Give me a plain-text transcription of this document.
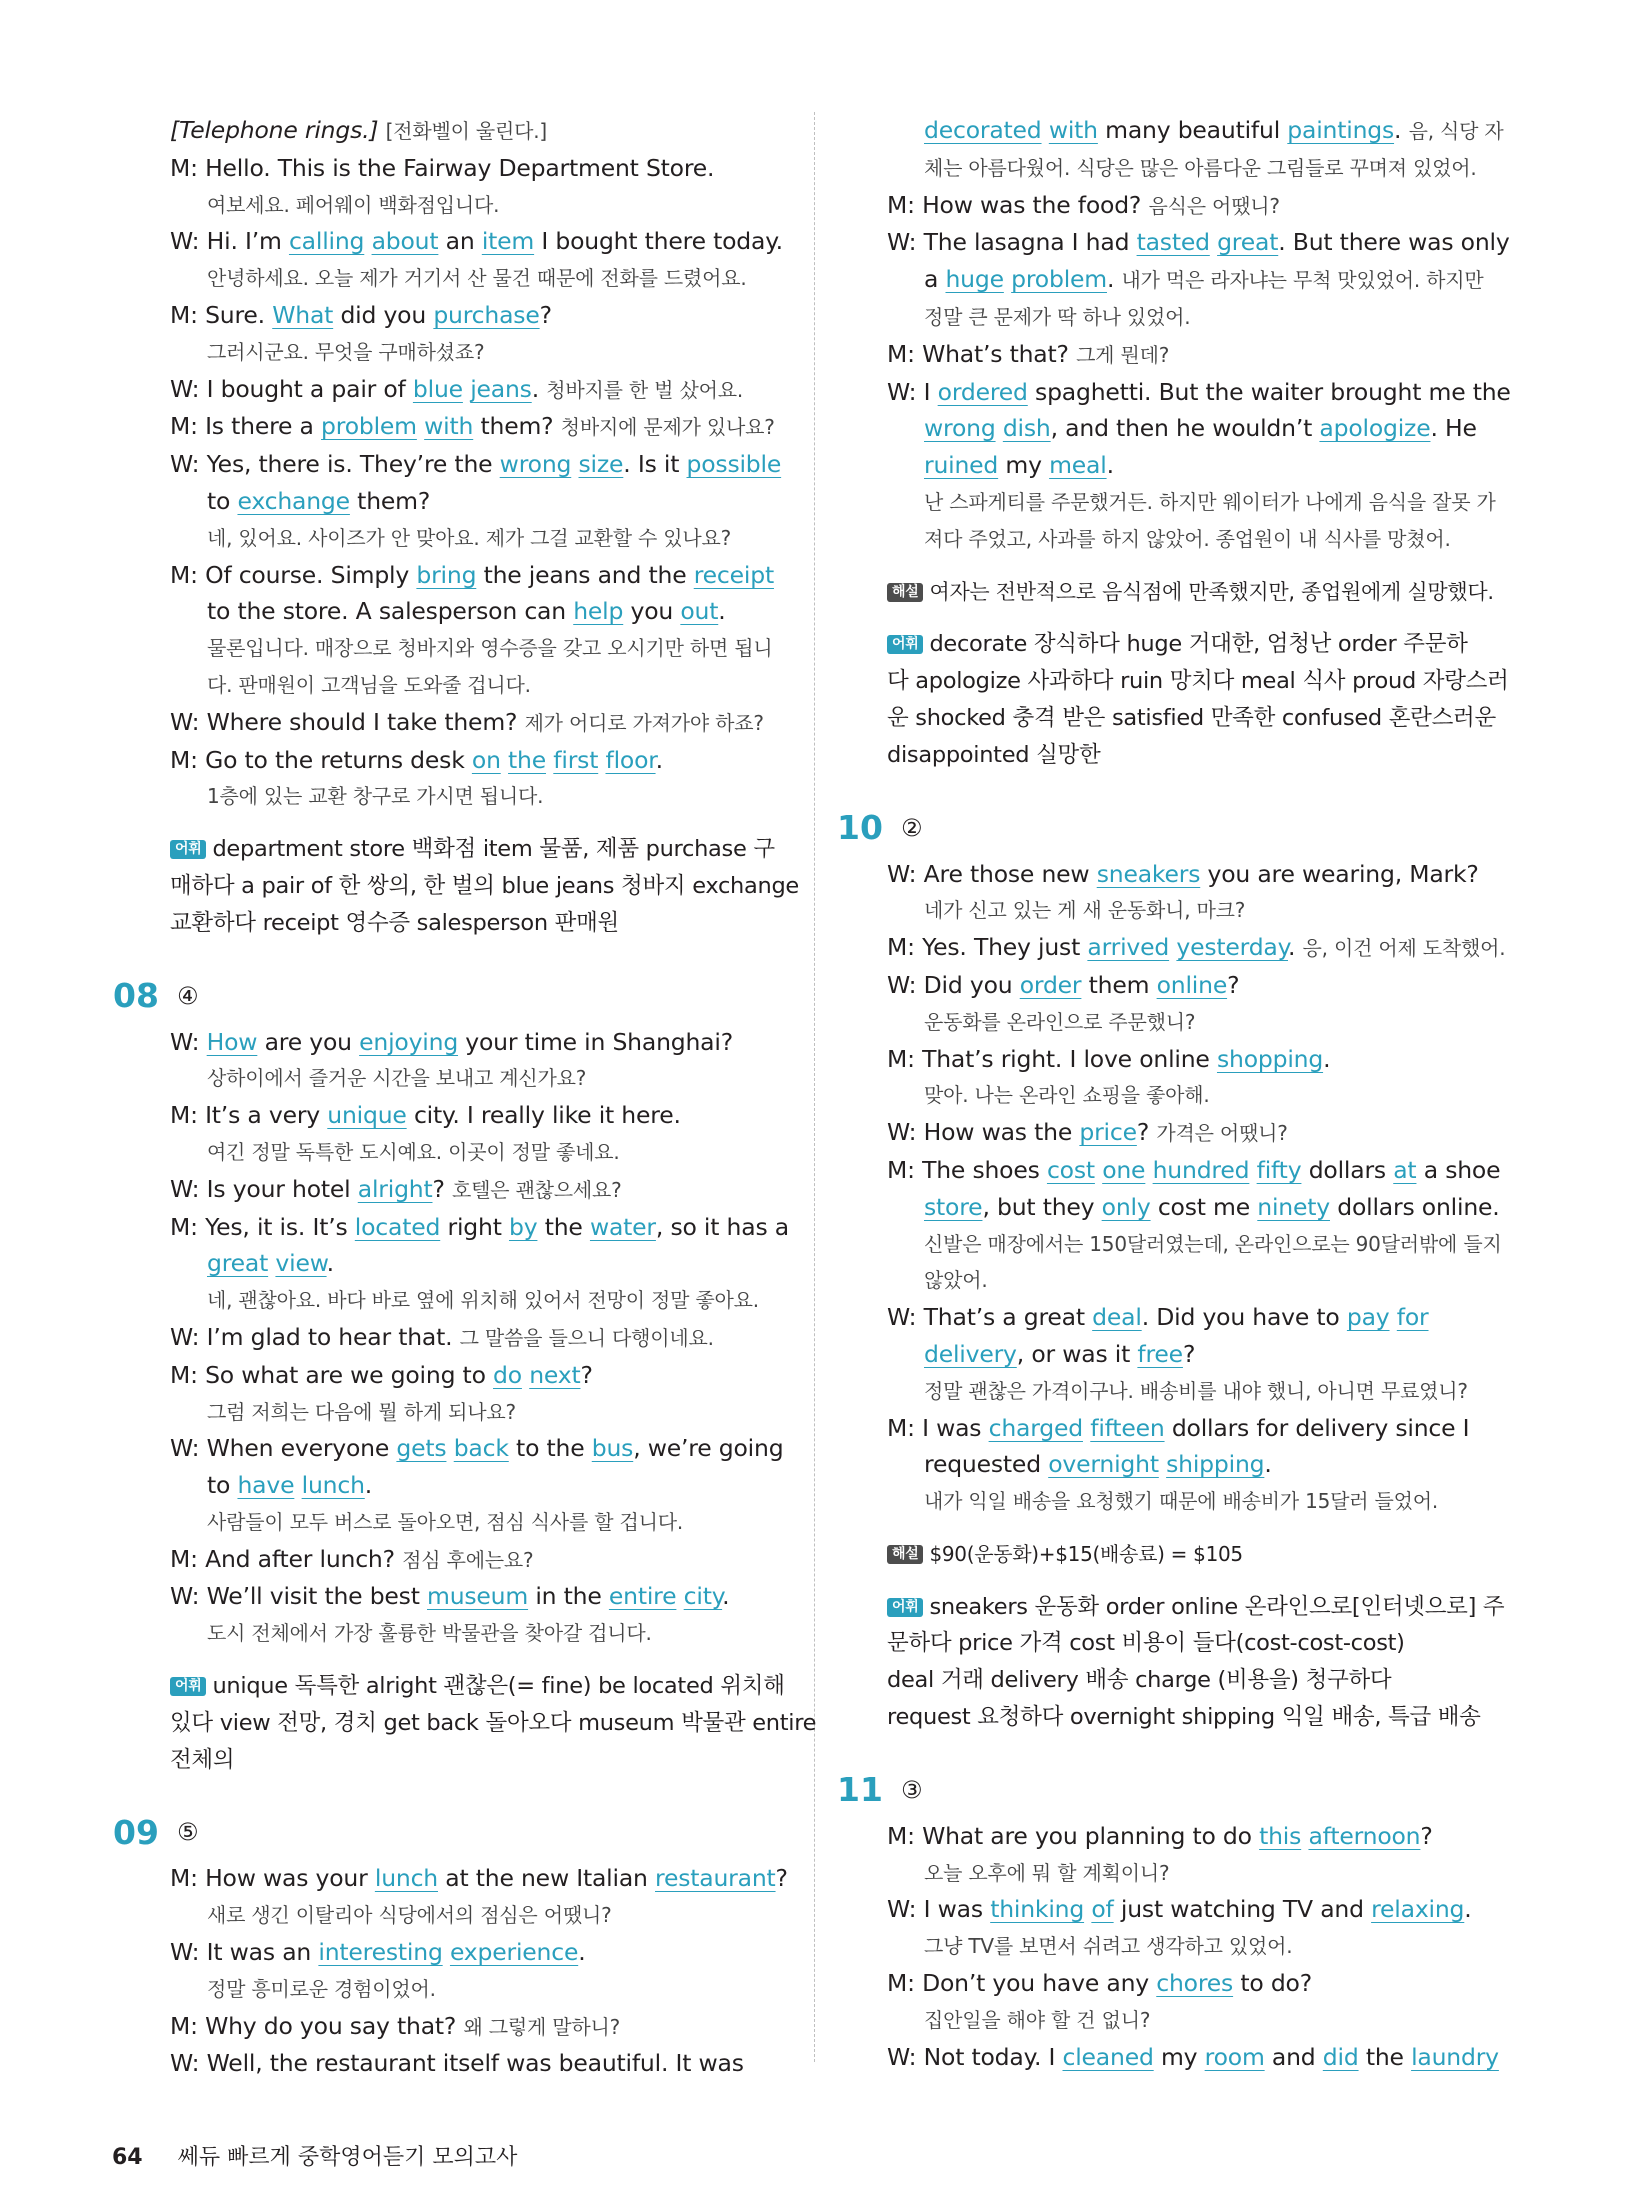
[Telephone rings.] [전화벨이 울린다.]
M: Hello. This is the Fairway Department Store.
여보세요. 페어웨이 백화점입니다.
W: Hi. I’m calling about an item I bought there today.
안녕하세요. 오늘 제가 거기서 산 물건 때문에 전화를 드렸어요.
M: Sure. What did you purchase?
그러시군요. 무엇을 구매하셨죠?
W: I bought a pair of blue jeans. 청바지를 한 벌 샀어요.
M: Is there a problem with them? 청바지에 문제가 있나요?
W: Yes, there is. They’re the wrong size. Is it possible
to exchange them?
네, 있어요. 사이즈가 안 맞아요. 제가 그걸 교환할 수 있나요?
M: Of course. Simply bring the jeans and the receipt
to the store. A salesperson can help you out.
물론입니다. 매장으로 청바지와 영수증을 갖고 오시기만 하면 됩니
다. 판매원이 고객님을 도와줄 겁니다.
W: Where should I take them? 제가 어디로 가져가야 하죠?
M: Go to the returns desk on the first floor.
1층에 있는 교환 창구로 가시면 됩니다.
어휘 department store 백화점 item 물품, 제품 purchase 구
매하다 a pair of 한 쌍의, 한 벌의 blue jeans 청바지 exchange
교환하다 receipt 영수증 salesperson 판매원
08 ④
W: How are you enjoying your time in Shanghai?
상하이에서 즐거운 시간을 보내고 계신가요?
M: It’s a very unique city. I really like it here.
여긴 정말 독특한 도시예요. 이곳이 정말 좋네요.
W: Is your hotel alright? 호텔은 괜찮으세요?
M: Yes, it is. It’s located right by the water, so it has a
great view.
네, 괜찮아요. 바다 바로 옆에 위치해 있어서 전망이 정말 좋아요.
W: I’m glad to hear that. 그 말씀을 들으니 다행이네요.
M: So what are we going to do next?
그럼 저희는 다음에 뭘 하게 되나요?
W: When everyone gets back to the bus, we’re going
to have lunch.
사람들이 모두 버스로 돌아오면, 점심 식사를 할 겁니다.
M: And after lunch? 점심 후에는요?
W: We’ll visit the best museum in the entire city.
도시 전체에서 가장 훌륭한 박물관을 찾아갈 겁니다.
어휘 unique 독특한 alright 괜찮은(= fine) be located 위치해
있다 view 전망, 경치 get back 돌아오다 museum 박물관 entire
전체의
09 ⑤
M: How was your lunch at the new Italian restaurant?
새로 생긴 이탈리아 식당에서의 점심은 어땠니?
W: It was an interesting experience.
정말 흥미로운 경험이었어.
M: Why do you say that? 왜 그렇게 말하니?
W: Well, the restaurant itself was beautiful. It was
decorated with many beautiful paintings. 음, 식당 자
체는 아름다웠어. 식당은 많은 아름다운 그림들로 꾸며져 있었어.
M: How was the food? 음식은 어땠니?
W: The lasagna I had tasted great. But there was only
a huge problem. 내가 먹은 라자냐는 무척 맛있었어. 하지만
정말 큰 문제가 딱 하나 있었어.
M: What’s that? 그게 뭔데?
W: I ordered spaghetti. But the waiter brought me the
wrong dish, and then he wouldn’t apologize. He
ruined my meal.
난 스파게티를 주문했거든. 하지만 웨이터가 나에게 음식을 잘못 가
져다 주었고, 사과를 하지 않았어. 종업원이 내 식사를 망쳤어.
해설 여자는 전반적으로 음식점에 만족했지만, 종업원에게 실망했다.
어휘 decorate 장식하다 huge 거대한, 엄청난 order 주문하
다 apologize 사과하다 ruin 망치다 meal 식사 proud 자랑스러
운 shocked 충격 받은 satisfied 만족한 confused 혼란스러운
disappointed 실망한
10 ②
W: Are those new sneakers you are wearing, Mark?
네가 신고 있는 게 새 운동화니, 마크?
M: Yes. They just arrived yesterday. 응, 이건 어제 도착했어.
W: Did you order them online?
운동화를 온라인으로 주문했니?
M: That’s right. I love online shopping.
맞아. 나는 온라인 쇼핑을 좋아해.
W: How was the price? 가격은 어땠니?
M: The shoes cost one hundred fifty dollars at a shoe
store, but they only cost me ninety dollars online.
신발은 매장에서는 150달러였는데, 온라인으로는 90달러밖에 들지
않았어.
W: That’s a great deal. Did you have to pay for
delivery, or was it free?
정말 괜찮은 가격이구나. 배송비를 내야 했니, 아니면 무료였니?
M: I was charged fifteen dollars for delivery since I
requested overnight shipping.
내가 익일 배송을 요청했기 때문에 배송비가 15달러 들었어.
해설 $90(운동화)+$15(배송료) = $105
어휘 sneakers 운동화 order online 온라인으로[인터넷으로] 주
문하다 price 가격 cost 비용이 들다(cost-cost-cost)
deal 거래 delivery 배송 charge (비용을) 청구하다
request 요청하다 overnight shipping 익일 배송, 특급 배송
11 ③
M: What are you planning to do this afternoon?
오늘 오후에 뭐 할 계획이니?
W: I was thinking of just watching TV and relaxing.
그냥 TV를 보면서 쉬려고 생각하고 있었어.
M: Don’t you have any chores to do?
집안일을 해야 할 건 없니?
W: Not today. I cleaned my room and did the laundry
64 쎄듀 빠르게 중학영어듣기 모의고사
